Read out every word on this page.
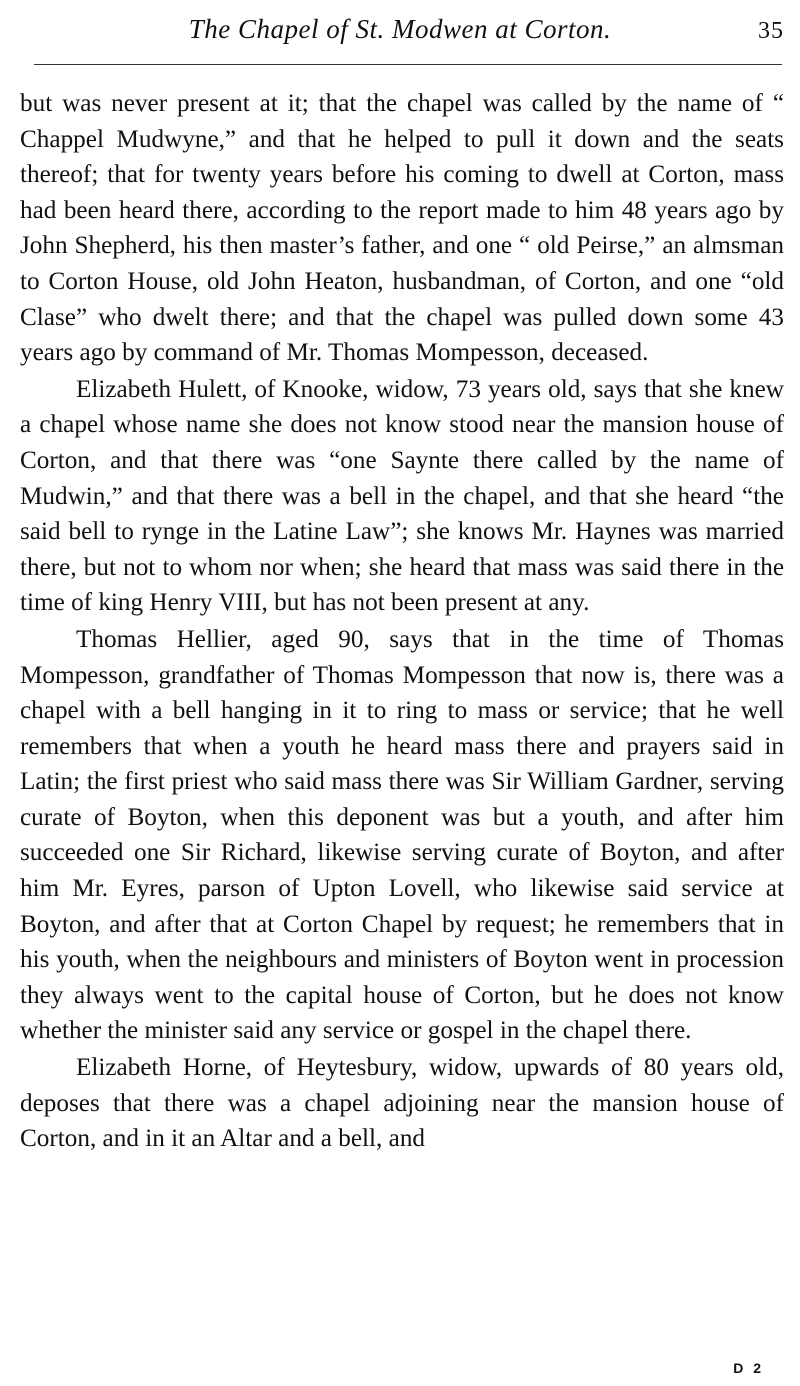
The Chapel of St. Modwen at Corton.	35

but was never present at it; that the chapel was called by the name of “ Chappel Mudwyne,” and that he helped to pull it down and the seats thereof; that for twenty years before his coming to dwell at Corton, mass had been heard there, according to the report made to him 48 years ago by John Shepherd, his then master’s father, and one “ old Peirse,” an almsman to Corton House, old John Heaton, husbandman, of Corton, and one “old Clase” who dwelt there; and that the chapel was pulled down some 43 years ago by command of Mr. Thomas Mompesson, deceased.

Elizabeth Hulett, of Knooke, widow, 73 years old, says that she knew a chapel whose name she does not know stood near the mansion house of Corton, and that there was “one Saynte there called by the name of Mudwin,” and that there was a bell in the chapel, and that she heard “the said bell to rynge in the Latine Law”; she knows Mr. Haynes was married there, but not to whom nor when; she heard that mass was said there in the time of king Henry VIII, but has not been present at any.

Thomas Hellier, aged 90, says that in the time of Thomas Mompesson, grandfather of Thomas Mompesson that now is, there was a chapel with a bell hanging in it to ring to mass or service; that he well remembers that when a youth he heard mass there and prayers said in Latin; the first priest who said mass there was Sir William Gardner, serving curate of Boyton, when this deponent was but a youth, and after him succeeded one Sir Richard, likewise serving curate of Boyton, and after him Mr. Eyres, parson of Upton Lovell, who likewise said service at Boyton, and after that at Corton Chapel by request; he remembers that in his youth, when the neighbours and ministers of Boyton went in procession they always went to the capital house of Corton, but he does not know whether the minister said any service or gospel in the chapel there.

Elizabeth Horne, of Heytesbury, widow, upwards of 80 years old, deposes that there was a chapel adjoining near the mansion house of Corton, and in it an Altar and a bell, and

D 2
